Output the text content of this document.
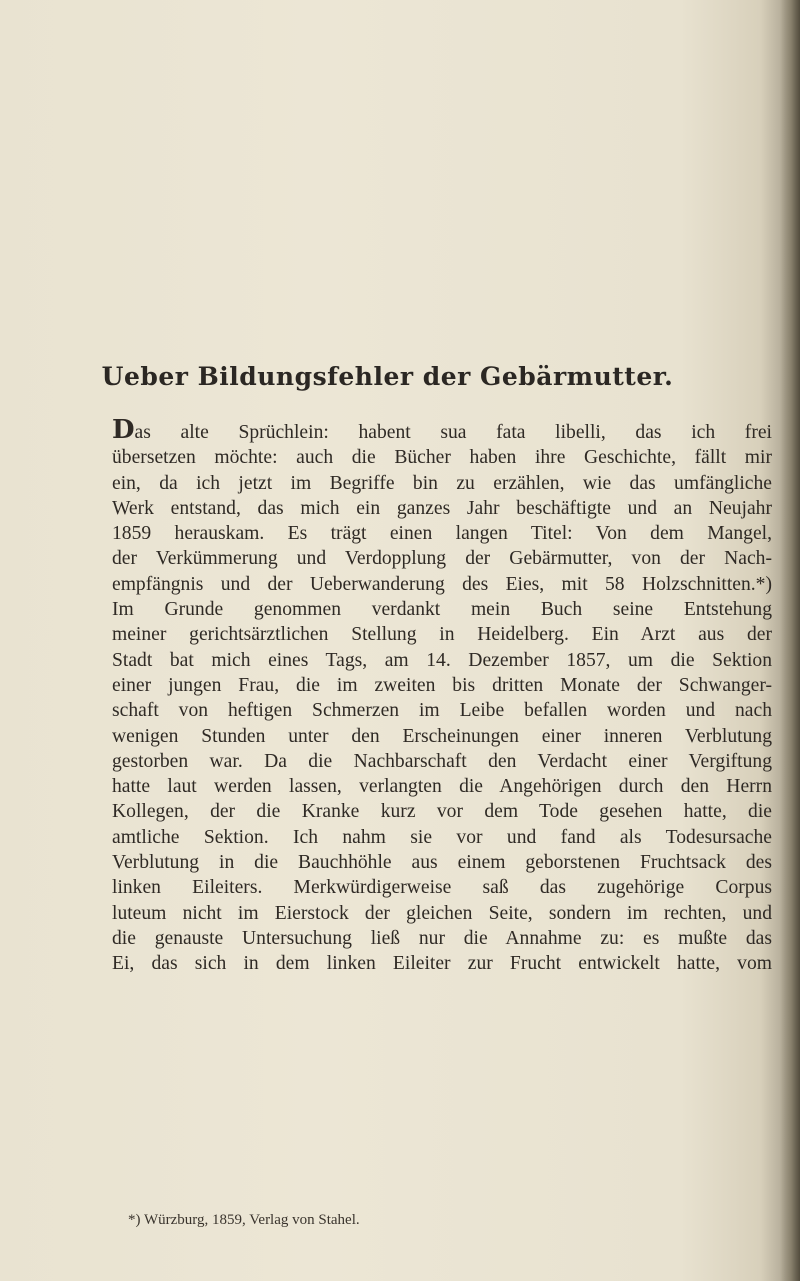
Ueber Bildungsfehler der Gebärmutter.
Das alte Sprüchlein: habent sua fata libelli, das ich frei
übersetzen möchte: auch die Bücher haben ihre Geschichte, fällt mir
ein, da ich jetzt im Begriffe bin zu erzählen, wie das umfängliche
Werk entstand, das mich ein ganzes Jahr beschäftigte und an Neujahr
1859 herauskam. Es trägt einen langen Titel: Von dem Mangel,
der Verkümmerung und Verdopplung der Gebärmutter, von der Nach-
empfängnis und der Ueberwanderung des Eies, mit 58 Holzschnitten.*)
Im Grunde genommen verdankt mein Buch seine Entstehung
meiner gerichtsärztlichen Stellung in Heidelberg. Ein Arzt aus der
Stadt bat mich eines Tags, am 14. Dezember 1857, um die Sektion
einer jungen Frau, die im zweiten bis dritten Monate der Schwanger-
schaft von heftigen Schmerzen im Leibe befallen worden und nach
wenigen Stunden unter den Erscheinungen einer inneren Verblutung
gestorben war. Da die Nachbarschaft den Verdacht einer Vergiftung
hatte laut werden lassen, verlangten die Angehörigen durch den Herrn
Kollegen, der die Kranke kurz vor dem Tode gesehen hatte, die
amtliche Sektion. Ich nahm sie vor und fand als Todesursache
Verblutung in die Bauchhöhle aus einem geborstenen Fruchtsack des
linken Eileiters. Merkwürdigerweise saß das zugehörige Corpus
luteum nicht im Eierstock der gleichen Seite, sondern im rechten, und
die genauste Untersuchung ließ nur die Annahme zu: es mußte das
Ei, das sich in dem linken Eileiter zur Frucht entwickelt hatte, vom
*) Würzburg, 1859, Verlag von Stahel.
